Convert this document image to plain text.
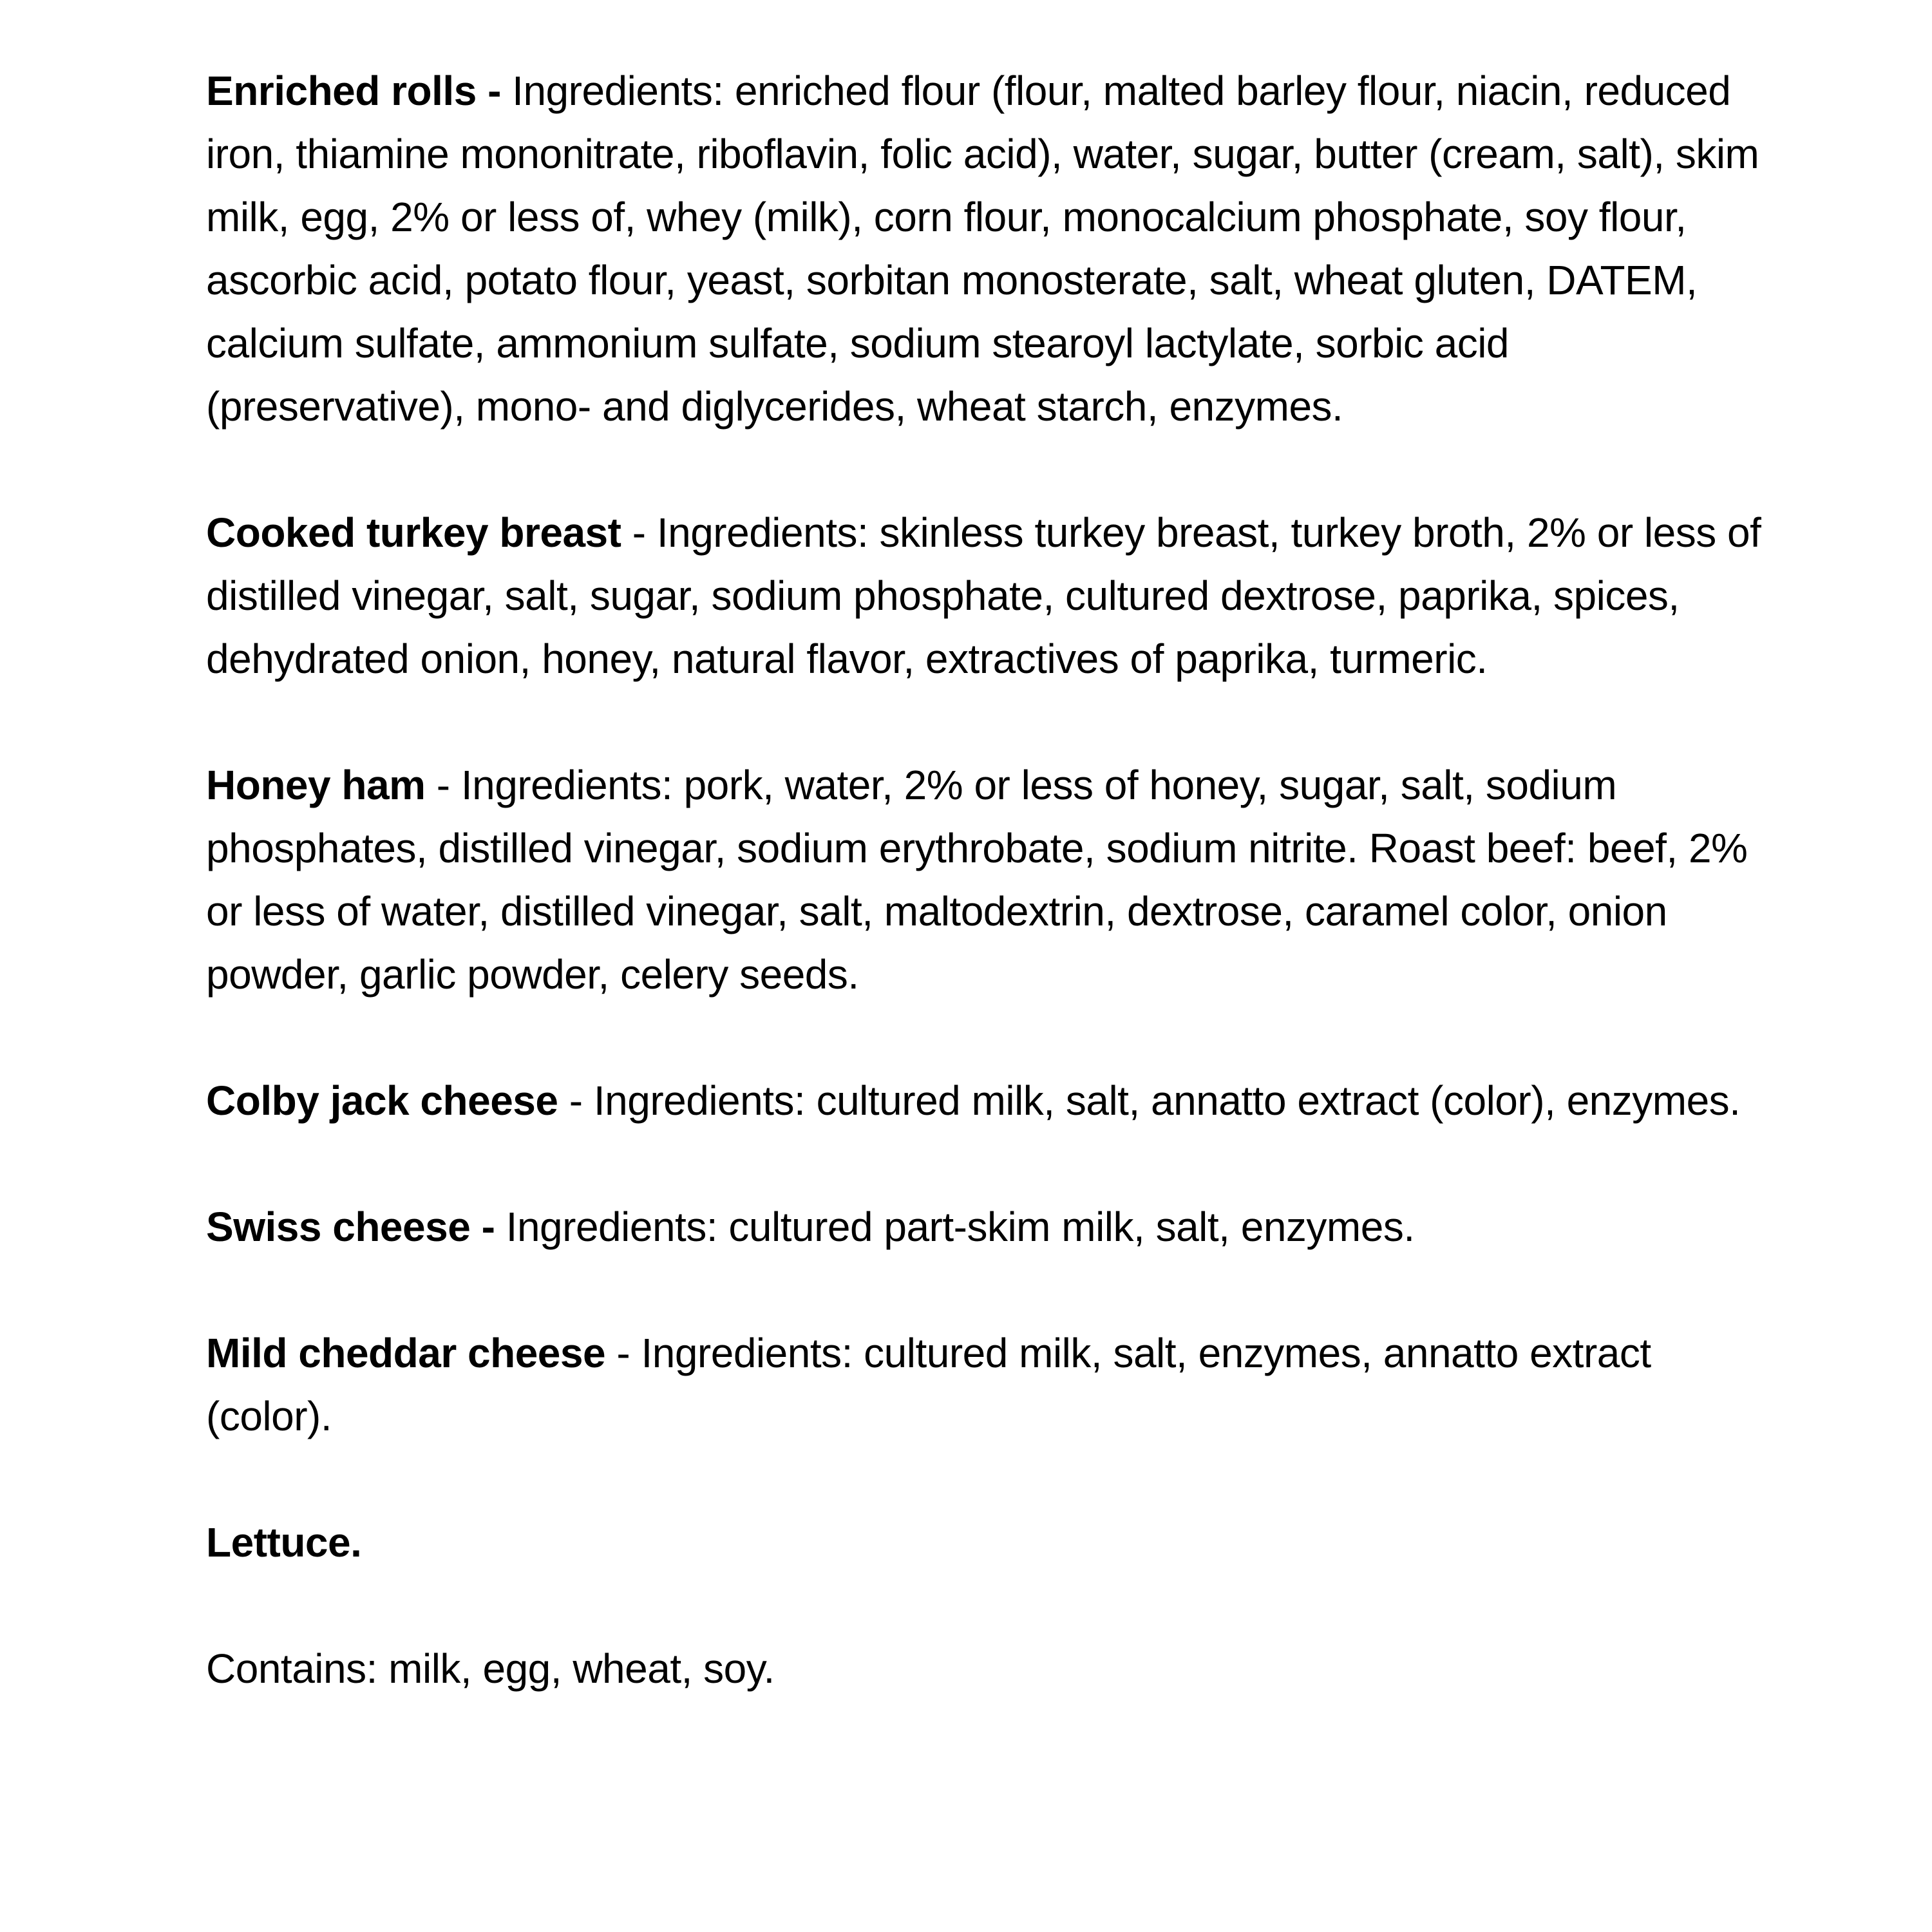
Enriched rolls - Ingredients: enriched flour (flour, malted barley flour, niacin, reduced iron, thiamine mononitrate, riboflavin, folic acid), water, sugar, butter (cream, salt), skim milk, egg, 2% or less of, whey (milk), corn flour, monocalcium phosphate, soy flour, ascorbic acid, potato flour, yeast, sorbitan monosterate, salt, wheat gluten, DATEM, calcium sulfate, ammonium sulfate, sodium stearoyl lactylate, sorbic acid (preservative), mono- and diglycerides, wheat starch, enzymes.

Cooked turkey breast - Ingredients: skinless turkey breast, turkey broth, 2% or less of distilled vinegar, salt, sugar, sodium phosphate, cultured dextrose, paprika, spices, dehydrated onion, honey, natural flavor, extractives of paprika, turmeric.

Honey ham - Ingredients: pork, water, 2% or less of honey, sugar, salt, sodium phosphates, distilled vinegar, sodium erythrobate, sodium nitrite. Roast beef: beef, 2% or less of water, distilled vinegar, salt, maltodextrin, dextrose, caramel color, onion powder, garlic powder, celery seeds.

Colby jack cheese - Ingredients: cultured milk, salt, annatto extract (color), enzymes.

Swiss cheese - Ingredients: cultured part-skim milk, salt, enzymes.

Mild cheddar cheese - Ingredients: cultured milk, salt, enzymes, annatto extract (color).

Lettuce.

Contains: milk, egg, wheat, soy.
